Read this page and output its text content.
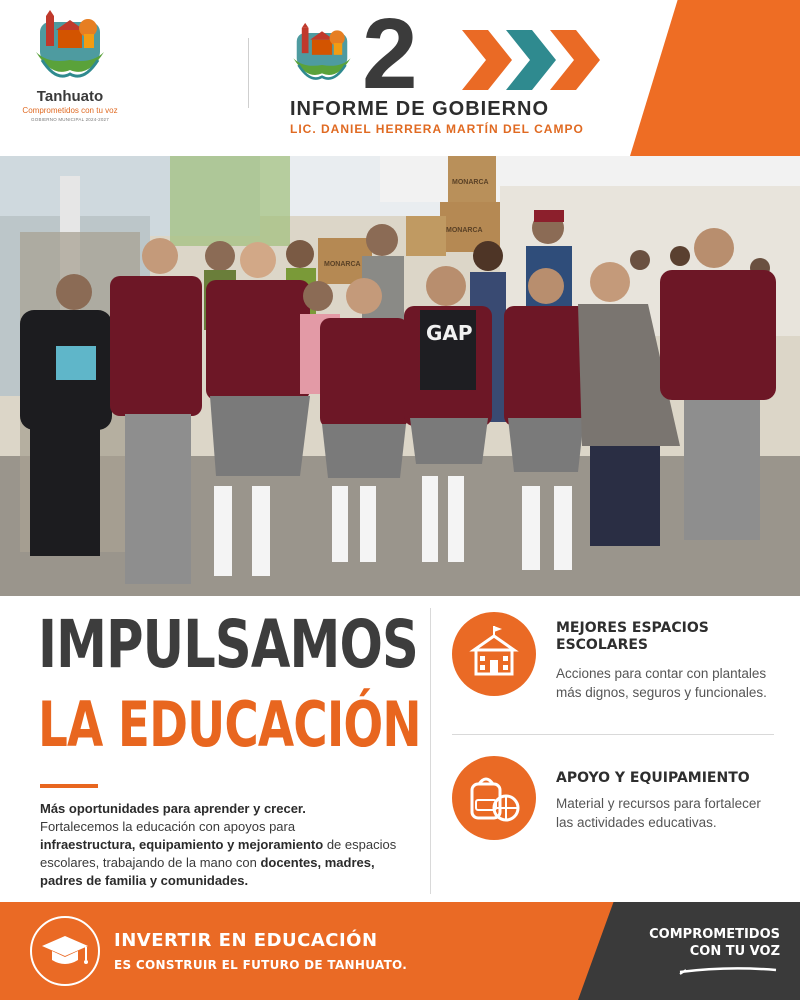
Tanhuato
Comprometidos con tu voz
GOBIERNO MUNICIPAL 2024-2027
2
INFORME DE GOBIERNO
LIC. DANIEL HERRERA MARTÍN DEL CAMPO
MONARCA
MONARCA
MONARCA
GAP
IMPULSAMOS
LA EDUCACIÓN
Más oportunidades para aprender y crecer.
Fortalecemos la educación con apoyos para
infraestructura, equipamiento y mejoramiento de espacios escolares, trabajando de la mano con docentes, madres, padres de familia y comunidades.
MEJORES ESPACIOS ESCOLARES
Acciones para contar con plantales más dignos, seguros y funcionales.
APOYO Y EQUIPAMIENTO
Material y recursos para fortalecer las actividades educativas.
INVERTIR EN EDUCACIÓN
ES CONSTRUIR EL FUTURO DE TANHUATO.
COMPROMETIDOS
CON TU VOZ
